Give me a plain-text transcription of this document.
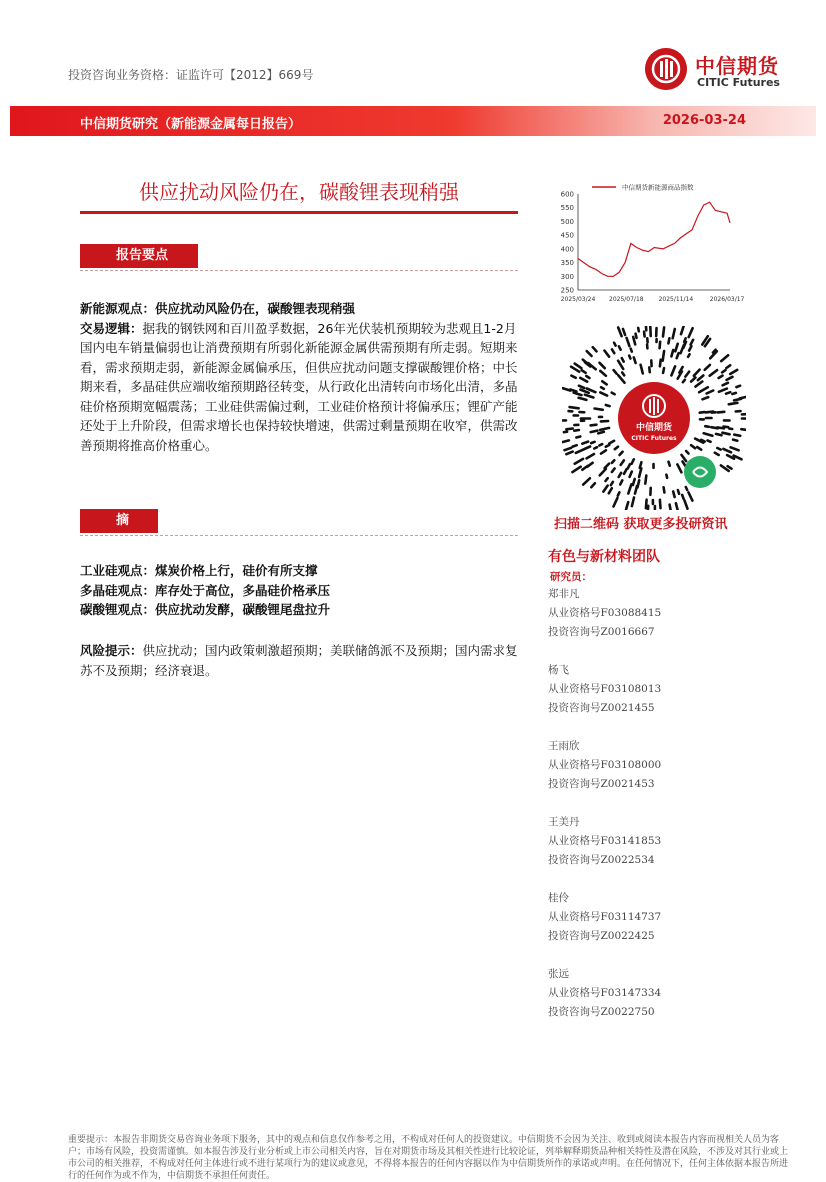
投资咨询业务资格：证监许可【2012】669号	中信期货
CITIC Futures
中信期货研究（新能源金属每日报告）	2026-03-24
供应扰动风险仍在，碳酸锂表现稍强
报告要点
新能源观点：供应扰动风险仍在，碳酸锂表现稍强
交易逻辑：据我的钢铁网和百川盈孚数据，26年光伏装机预期较为悲观且1-2月国内电车销量偏弱也让消费预期有所弱化新能源金属供需预期有所走弱。短期来看，需求预期走弱，新能源金属偏承压，但供应扰动问题支撑碳酸锂价格；中长期来看，多晶硅供应端收缩预期路径转变，从行政化出清转向市场化出清，多晶硅价格预期宽幅震荡；工业硅供需偏过剩，工业硅价格预计将偏承压；锂矿产能还处于上升阶段，但需求增长也保持较快增速，供需过剩量预期在收窄，供需改善预期将推高价格重心。
摘要
工业硅观点：煤炭价格上行，硅价有所支撑
多晶硅观点：库存处于高位，多晶硅价格承压
碳酸锂观点：供应扰动发酵，碳酸锂尾盘拉升
风险提示：供应扰动；国内政策刺激超预期；美联储鸽派不及预期；国内需求复苏不及预期；经济衰退。
250
300
350
400
450
500
550
600
2025/03/24 2025/07/18 2025/11/14	2026/03/17
中信期货新能源商品指数
中信期货
CITIC Futures
扫描二维码 获取更多投研资讯
有色与新材料团队
研究员：
郑非凡
从业资格号F03088415
投资咨询号Z0016667
杨飞
从业资格号F03108013
投资咨询号Z0021455
王雨欣
从业资格号F03108000
投资咨询号Z0021453
王美丹
从业资格号F03141853
投资咨询号Z0022534
桂伶
从业资格号F03114737
投资咨询号Z0022425
张远
从业资格号F03147334
投资咨询号Z0022750
重要提示：本报告非期货交易咨询业务项下服务，其中的观点和信息仅作参考之用，不构成对任何人的投资建议。中信期货不会因为关注、收到或阅读本报告内容而视相关人员为客户；市场有风险，投资需谨慎。如本报告涉及行业分析或上市公司相关内容，旨在对期货市场及其相关性进行比较论证，列举解释期货品种相关特性及潜在风险，不涉及对其行业或上市公司的相关推荐，不构成对任何主体进行或不进行某项行为的建议或意见，不得将本报告的任何内容据以作为中信期货所作的承诺或声明。在任何情况下，任何主体依据本报告所进行的任何作为或不作为，中信期货不承担任何责任。
